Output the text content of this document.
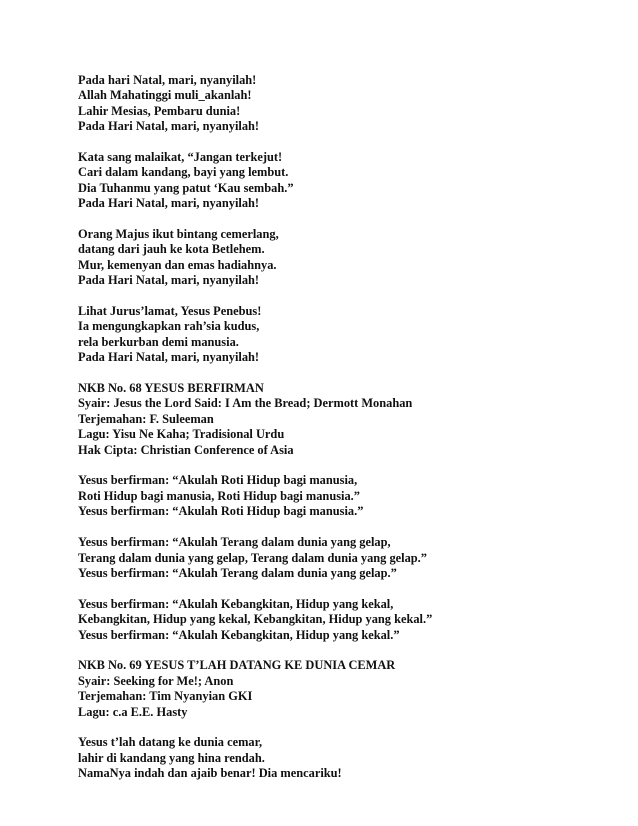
Pada hari Natal, mari, nyanyilah!
Allah Mahatinggi muli_akanlah!
Lahir Mesias, Pembaru dunia!
Pada Hari Natal, mari, nyanyilah!
Kata sang malaikat, “Jangan terkejut!
Cari dalam kandang, bayi yang lembut.
Dia Tuhanmu yang patut ‘Kau sembah.”
Pada Hari Natal, mari, nyanyilah!
Orang Majus ikut bintang cemerlang,
datang dari jauh ke kota Betlehem.
Mur, kemenyan dan emas hadiahnya.
Pada Hari Natal, mari, nyanyilah!
Lihat Jurus’lamat, Yesus Penebus!
Ia mengungkapkan rah’sia kudus,
rela berkurban demi manusia.
Pada Hari Natal, mari, nyanyilah!
NKB No. 68 YESUS BERFIRMAN
Syair: Jesus the Lord Said: I Am the Bread; Dermott Monahan
Terjemahan: F. Suleeman
Lagu: Yisu Ne Kaha; Tradisional Urdu
Hak Cipta: Christian Conference of Asia
Yesus berfirman: “Akulah Roti Hidup bagi manusia,
Roti Hidup bagi manusia, Roti Hidup bagi manusia.”
Yesus berfirman: “Akulah Roti Hidup bagi manusia.”
Yesus berfirman: “Akulah Terang dalam dunia yang gelap,
Terang dalam dunia yang gelap, Terang dalam dunia yang gelap.”
Yesus berfirman: “Akulah Terang dalam dunia yang gelap.”
Yesus berfirman: “Akulah Kebangkitan, Hidup yang kekal,
Kebangkitan, Hidup yang kekal, Kebangkitan, Hidup yang kekal.”
Yesus berfirman: “Akulah Kebangkitan, Hidup yang kekal.”
NKB No. 69 YESUS T’LAH DATANG KE DUNIA CEMAR
Syair: Seeking for Me!; Anon
Terjemahan: Tim Nyanyian GKI
Lagu: c.a E.E. Hasty
Yesus t’lah datang ke dunia cemar,
lahir di kandang yang hina rendah.
NamaNya indah dan ajaib benar! Dia mencariku!
